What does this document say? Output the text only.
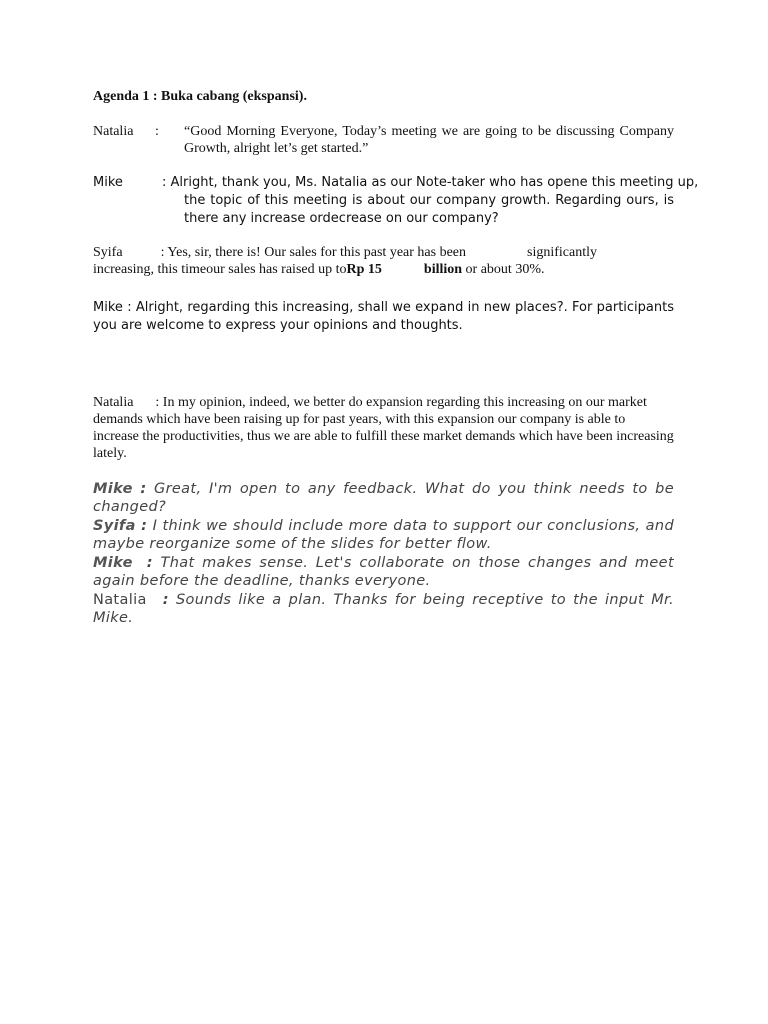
Agenda 1 : Buka cabang (ekspansi).
Natalia : “Good Morning Everyone, Today’s meeting we are going to be discussing Company Growth, alright let’s get started.”
Mike	: Alright, thank you, Ms. Natalia as our Note-taker who has opene this meeting up,
the topic of this meeting is about our company growth. Regarding ours, is there any increase ordecrease on our company?
Syifa	: Yes, sir, there is! Our sales for this past year has been	significantly
increasing, this timeour sales has raised up toRp 15	billion or about 30%.
Mike : Alright, regarding this increasing, shall we expand in new places?. For participants you are welcome to express your opinions and thoughts.
Natalia : In my opinion, indeed, we better do expansion regarding this increasing on our market demands which have been raising up for past years, with this expansion our company is able to increase the productivities, thus we are able to fulfill these market demands which have been increasing lately.
Mike : Great, I'm open to any feedback. What do you think needs to be changed?
Syifa : I think we should include more data to support our conclusions, and maybe reorganize some of the slides for better flow.
Mike : That makes sense. Let's collaborate on those changes and meet again before the deadline, thanks everyone.
Natalia : Sounds like a plan. Thanks for being receptive to the input Mr. Mike.
